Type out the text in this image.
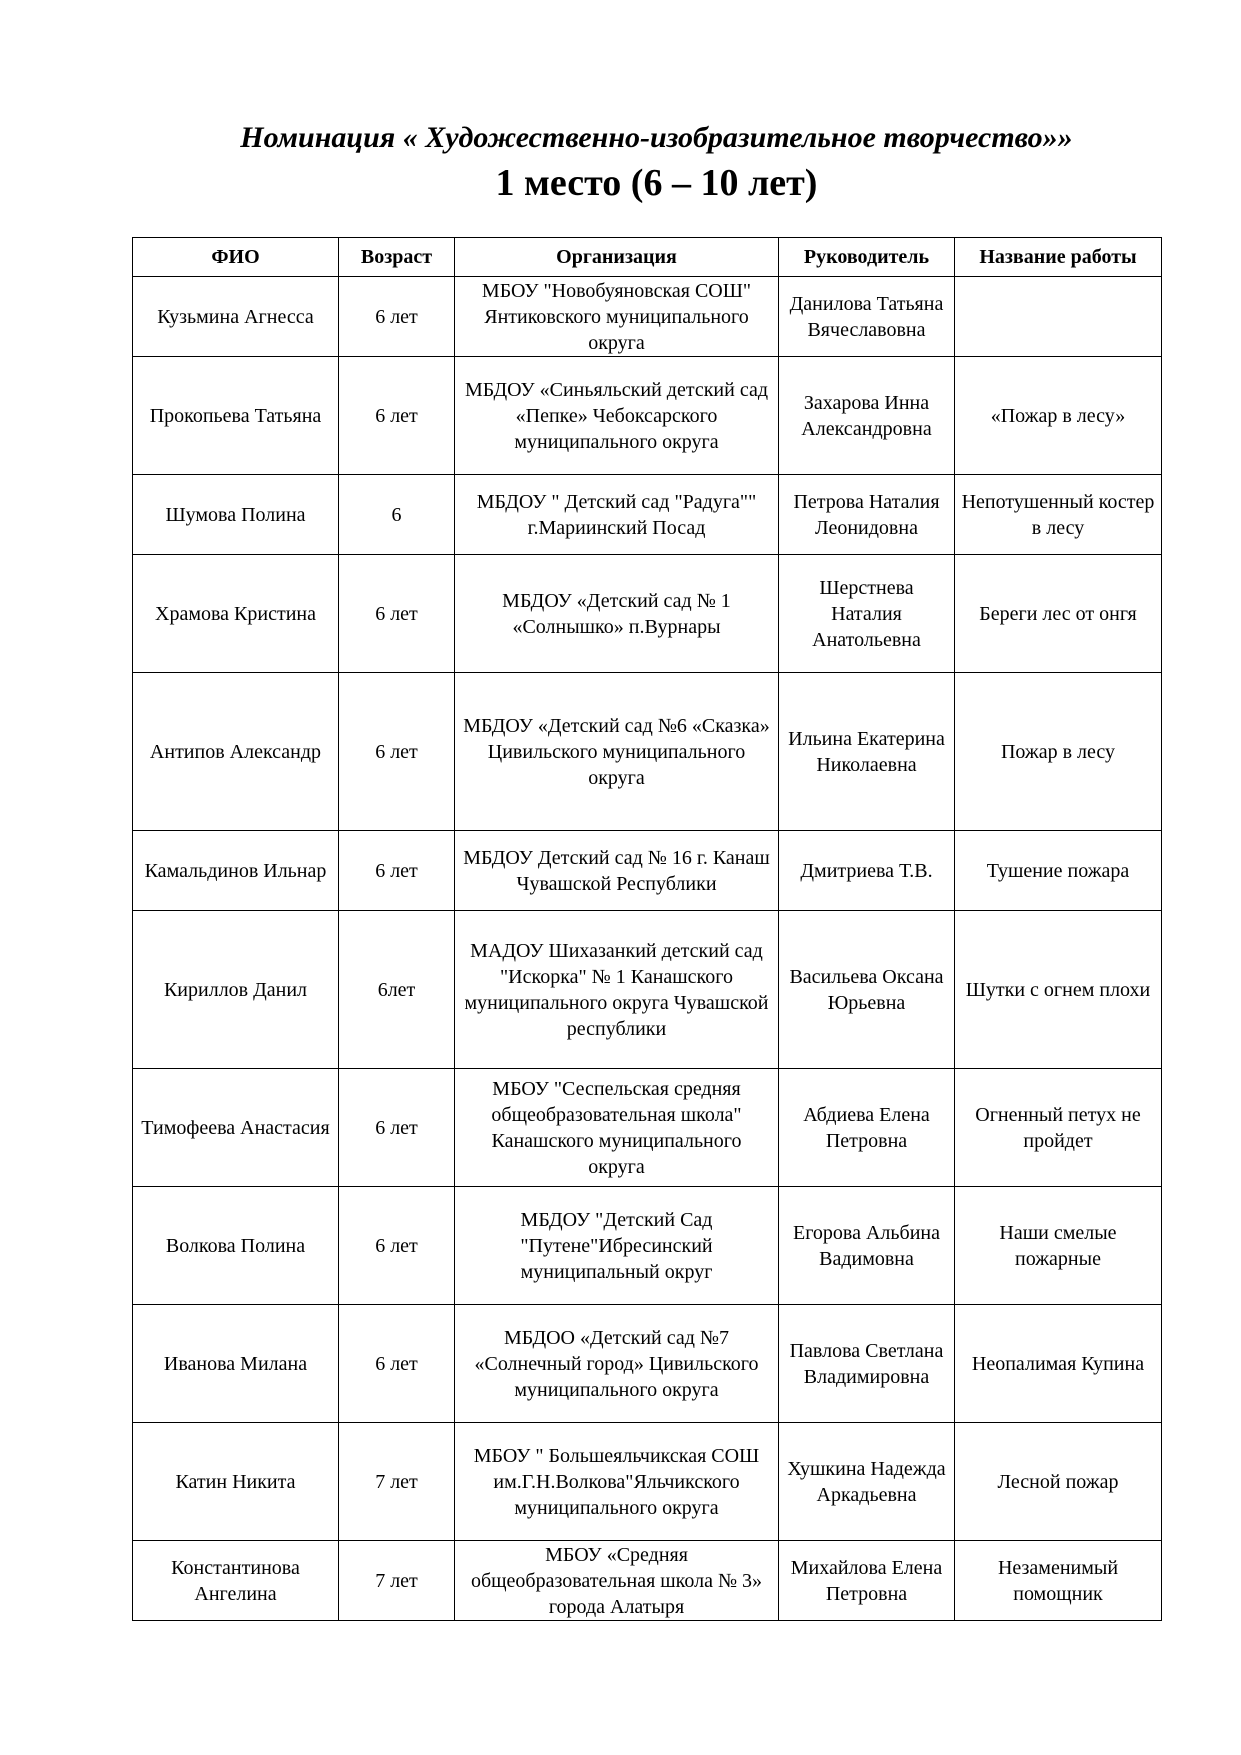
Номинация « Художественно-изобразительное творчество»»
1 место (6 – 10 лет)
ФИО	Возраст	Организация	Руководитель	Название работы
Кузьмина Агнесса	6 лет	МБОУ "Новобуяновская СОШ" Янтиковского муниципального округа	Данилова Татьяна Вячеславовна	
Прокопьева Татьяна	6 лет	МБДОУ «Синьяльский детский сад «Пепке» Чебоксарского муниципального округа	Захарова Инна Александровна	«Пожар в лесу»
Шумова Полина	6	МБДОУ " Детский сад "Радуга"" г.Мариинский Посад	Петрова Наталия Леонидовна	Непотушенный костер в лесу
Храмова Кристина	6 лет	МБДОУ «Детский сад № 1 «Солнышко» п.Вурнары	Шерстнева Наталия Анатольевна	Береги лес от онгя
Антипов Александр	6 лет	МБДОУ «Детский сад №6 «Сказка» Цивильского муниципального округа	Ильина Екатерина Николаевна	Пожар в лесу
Камальдинов Ильнар	6 лет	МБДОУ Детский сад № 16 г. Канаш Чувашской Республики	Дмитриева Т.В.	Тушение пожара
Кириллов Данил	6лет	МАДОУ Шихазанкий детский сад "Искорка" № 1 Канашского муниципального округа Чувашской республики	Васильева Оксана Юрьевна	Шутки с огнем плохи
Тимофеева Анастасия	6 лет	МБОУ "Сеспельская средняя общеобразовательная школа" Канашского муниципального округа	Абдиева Елена Петровна	Огненный петух не пройдет
Волкова Полина	6 лет	МБДОУ "Детский Сад "Путене"Ибресинский муниципальный округ	Егорова Альбина Вадимовна	Наши смелые пожарные
Иванова Милана	6 лет	МБДОО «Детский сад №7 «Солнечный город» Цивильского муниципального округа	Павлова Светлана Владимировна	Неопалимая Купина
Катин Никита	7 лет	МБОУ " Большеяльчикская СОШ им.Г.Н.Волкова"Яльчикского муниципального округа	Хушкина Надежда Аркадьевна	Лесной пожар
Константинова Ангелина	7 лет	МБОУ «Средняя общеобразовательная школа № 3» города Алатыря	Михайлова Елена Петровна	Незаменимый помощник
